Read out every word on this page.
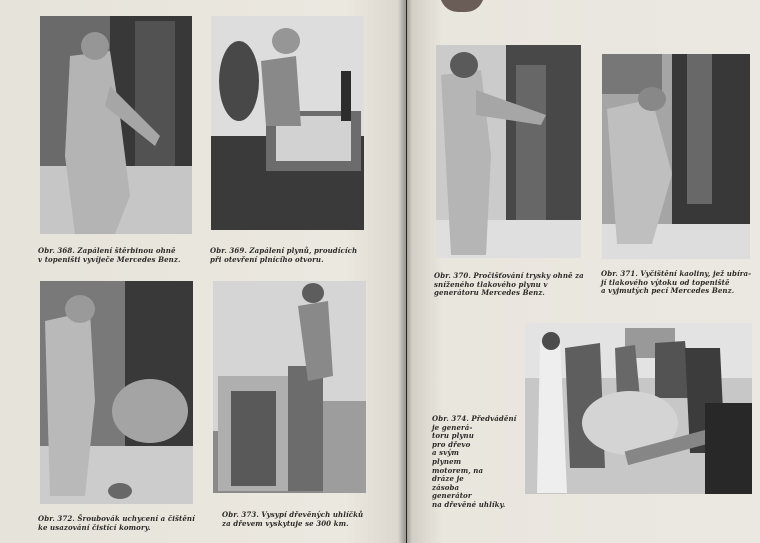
Obr. 368. Zapálení štěrbinou ohně
v topeništi vyvíječe Mercedes Benz.
Obr. 369. Zapálení plynů, proudících
při otevření plnícího otvoru.
Obr. 372. Šroubovák uchycení a čištění
ke usazování čistící komory.
Obr. 373. Vysypí dřevěných uhlíčků
za dřevem vyskytuje se 300 km.
Obr. 370. Pročišťování trysky ohně za
sníženého tlakového plynu v generátoru Mercedes Benz.
Obr. 371. Vyčištění kaoliny, jež ubíra-
jí tlakového výtoku od topeniště
a vyjmutých pecí Mercedes Benz.
Obr. 374. Předvádění
je generá-
toru plynu
pro dřevo
a svým
plynem
motorem, na
dráze je
zásoba
generátor
na dřevěné uhlíky.
